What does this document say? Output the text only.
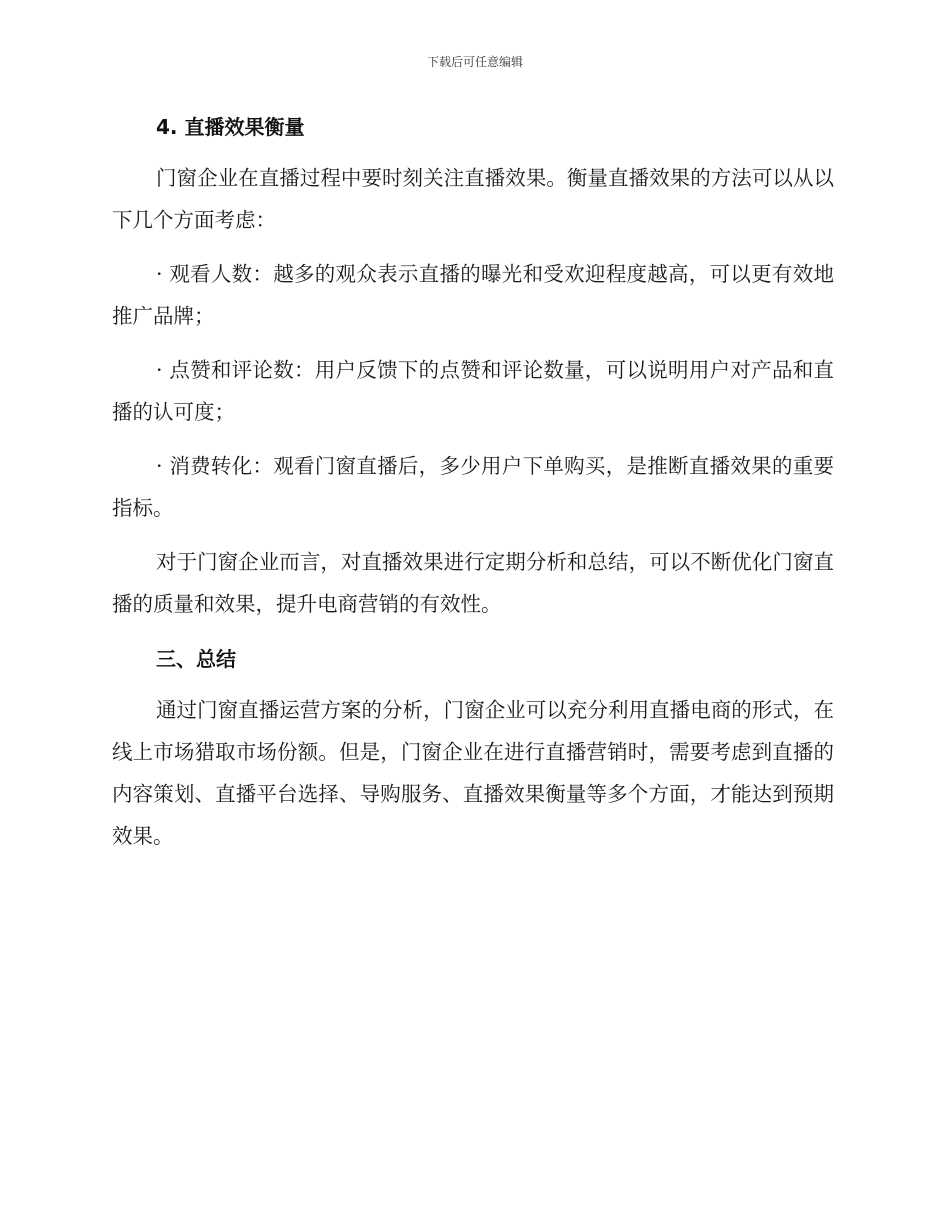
下载后可任意编辑
4. 直播效果衡量

门窗企业在直播过程中要时刻关注直播效果。衡量直播效果的方法可以从以下几个方面考虑：

· 观看人数：越多的观众表示直播的曝光和受欢迎程度越高，可以更有效地推广品牌；

· 点赞和评论数：用户反馈下的点赞和评论数量，可以说明用户对产品和直播的认可度；

· 消费转化：观看门窗直播后，多少用户下单购买，是推断直播效果的重要指标。

对于门窗企业而言，对直播效果进行定期分析和总结，可以不断优化门窗直播的质量和效果，提升电商营销的有效性。

三、总结

通过门窗直播运营方案的分析，门窗企业可以充分利用直播电商的形式，在线上市场猎取市场份额。但是，门窗企业在进行直播营销时，需要考虑到直播的内容策划、直播平台选择、导购服务、直播效果衡量等多个方面，才能达到预期效果。
